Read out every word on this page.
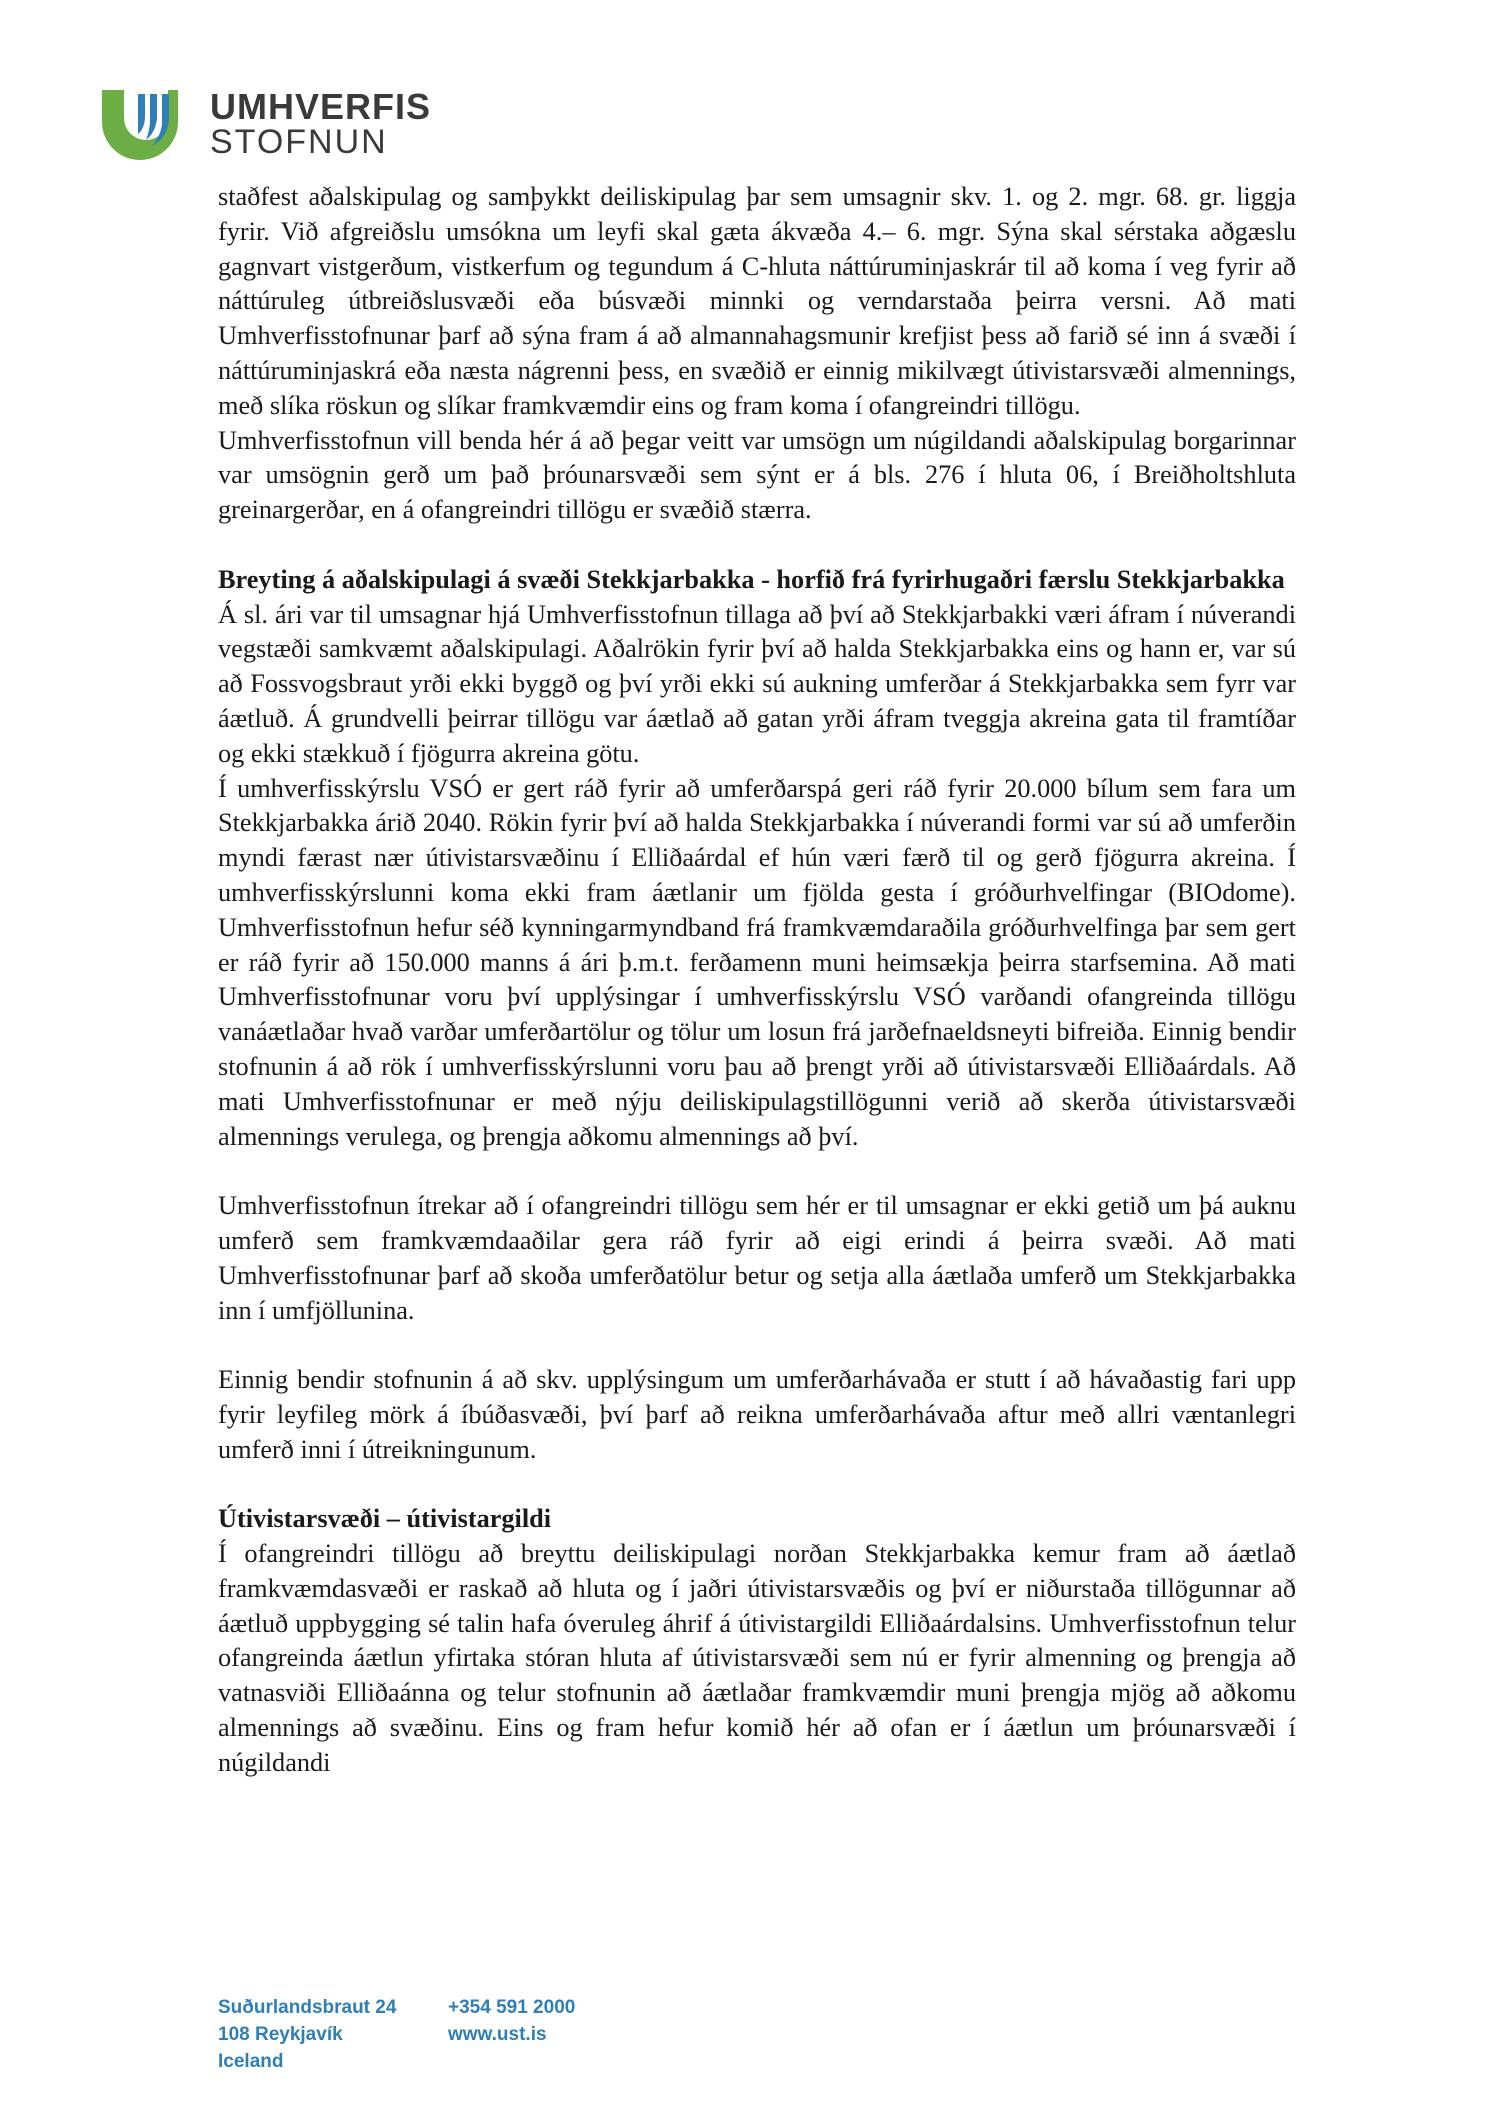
UMHVERFIS
STOFNUN

staðfest aðalskipulag og samþykkt deiliskipulag þar sem umsagnir skv. 1. og 2. mgr. 68. gr. liggja fyrir. Við afgreiðslu umsókna um leyfi skal gæta ákvæða 4.– 6. mgr. Sýna skal sérstaka aðgæslu gagnvart vistgerðum, vistkerfum og tegundum á C-hluta náttúruminjaskrár til að koma í veg fyrir að náttúruleg útbreiðslusvæði eða búsvæði minnki og verndarstaða þeirra versni. Að mati Umhverfisstofnunar þarf að sýna fram á að almannahagsmunir krefjist þess að farið sé inn á svæði í náttúruminjaskrá eða næsta nágrenni þess, en svæðið er einnig mikilvægt útivistarsvæði almennings, með slíka röskun og slíkar framkvæmdir eins og fram koma í ofangreindri tillögu.

Umhverfisstofnun vill benda hér á að þegar veitt var umsögn um núgildandi aðalskipulag borgarinnar var umsögnin gerð um það þróunarsvæði sem sýnt er á bls. 276 í hluta 06, í Breiðholtshluta greinargerðar, en á ofangreindri tillögu er svæðið stærra.

Breyting á aðalskipulagi á svæði Stekkjarbakka - horfið frá fyrirhugaðri færslu Stekkjarbakka

Á sl. ári var til umsagnar hjá Umhverfisstofnun tillaga að því að Stekkjarbakki væri áfram í núverandi vegstæði samkvæmt aðalskipulagi. Aðalrökin fyrir því að halda Stekkjarbakka eins og hann er, var sú að Fossvogsbraut yrði ekki byggð og því yrði ekki sú aukning umferðar á Stekkjarbakka sem fyrr var áætluð. Á grundvelli þeirrar tillögu var áætlað að gatan yrði áfram tveggja akreina gata til framtíðar og ekki stækkuð í fjögurra akreina götu.

Í umhverfisskýrslu VSÓ er gert ráð fyrir að umferðarspá geri ráð fyrir 20.000 bílum sem fara um Stekkjarbakka árið 2040. Rökin fyrir því að halda Stekkjarbakka í núverandi formi var sú að umferðin myndi færast nær útivistarsvæðinu í Elliðaárdal ef hún væri færð til og gerð fjögurra akreina. Í umhverfisskýrslunni koma ekki fram áætlanir um fjölda gesta í gróðurhvelfingar (BIOdome). Umhverfisstofnun hefur séð kynningarmyndband frá framkvæmdaraðila gróðurhvelfinga þar sem gert er ráð fyrir að 150.000 manns á ári þ.m.t. ferðamenn muni heimsækja þeirra starfsemina. Að mati Umhverfisstofnunar voru því upplýsingar í umhverfisskýrslu VSÓ varðandi ofangreinda tillögu vanáætlaðar hvað varðar umferðartölur og tölur um losun frá jarðefnaeldsneyti bifreiða. Einnig bendir stofnunin á að rök í umhverfisskýrslunni voru þau að þrengt yrði að útivistarsvæði Elliðaárdals. Að mati Umhverfisstofnunar er með nýju deiliskipulagstillögunni verið að skerða útivistarsvæði almennings verulega, og þrengja aðkomu almennings að því.

Umhverfisstofnun ítrekar að í ofangreindri tillögu sem hér er til umsagnar er ekki getið um þá auknu umferð sem framkvæmdaaðilar gera ráð fyrir að eigi erindi á þeirra svæði. Að mati Umhverfisstofnunar þarf að skoða umferðatölur betur og setja alla áætlaða umferð um Stekkjarbakka inn í umfjöllunina.

Einnig bendir stofnunin á að skv. upplýsingum um umferðarhávaða er stutt í að hávaðastig fari upp fyrir leyfileg mörk á íbúðasvæði, því þarf að reikna umferðarhávaða aftur með allri væntanlegri umferð inni í útreikningunum.

Útivistarsvæði – útivistargildi

Í ofangreindri tillögu að breyttu deiliskipulagi norðan Stekkjarbakka kemur fram að áætlað framkvæmdasvæði er raskað að hluta og í jaðri útivistarsvæðis og því er niðurstaða tillögunnar að áætluð uppbygging sé talin hafa óveruleg áhrif á útivistargildi Elliðaárdalsins. Umhverfisstofnun telur ofangreinda áætlun yfirtaka stóran hluta af útivistarsvæði sem nú er fyrir almenning og þrengja að vatnasviði Elliðaánna og telur stofnunin að áætlaðar framkvæmdir muni þrengja mjög að aðkomu almennings að svæðinu. Eins og fram hefur komið hér að ofan er í áætlun um þróunarsvæði í núgildandi

Suðurlandsbraut 24
108 Reykjavík
Iceland
+354 591 2000
www.ust.is
